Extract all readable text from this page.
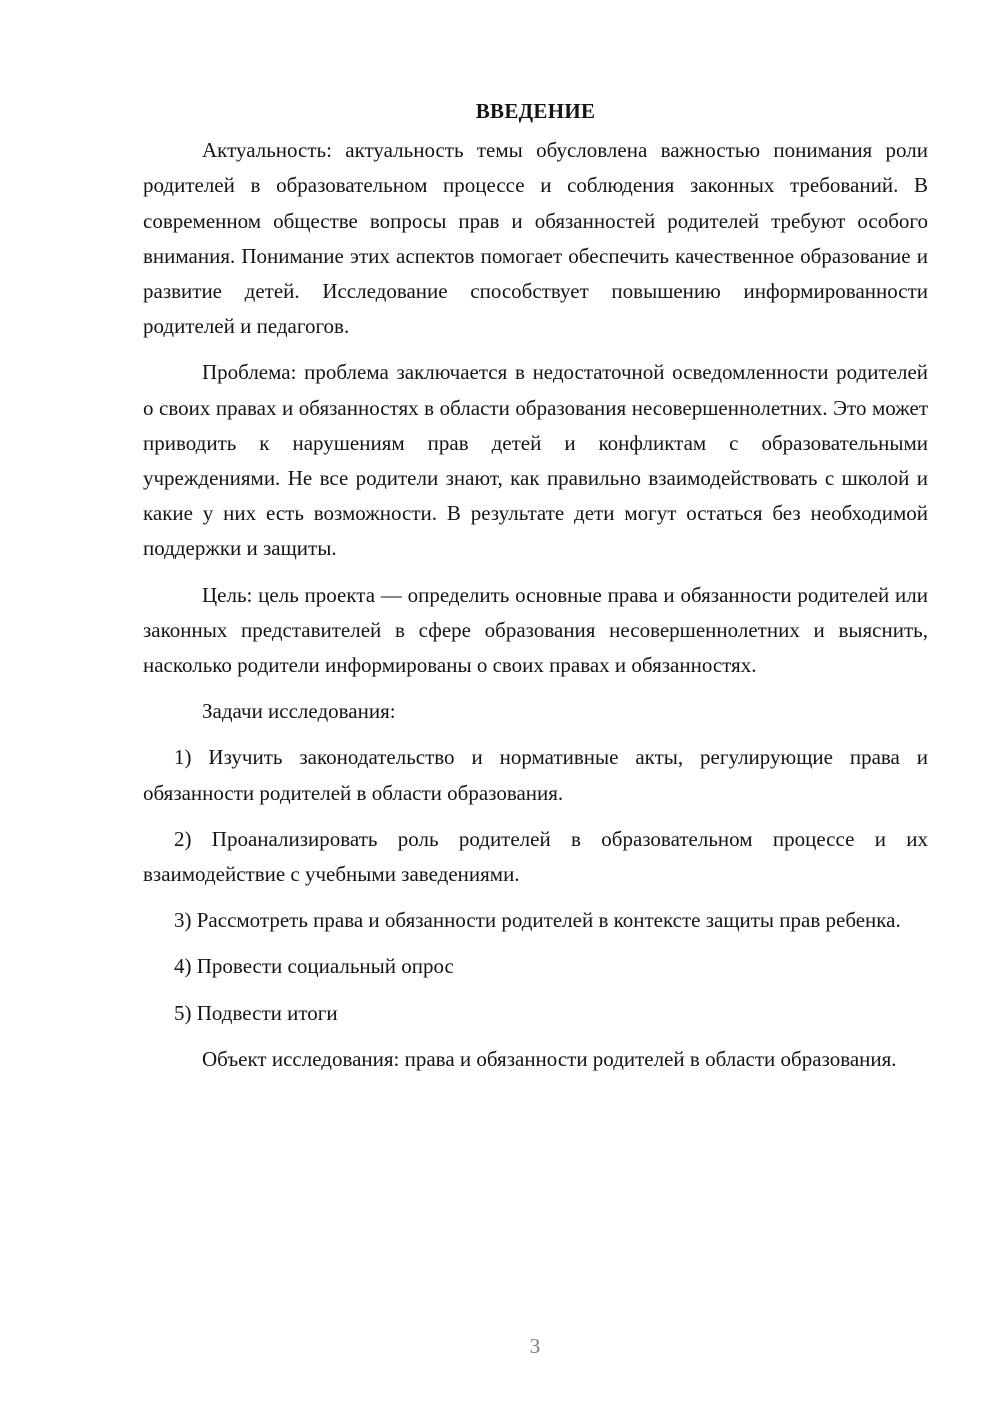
ВВЕДЕНИЕ

Актуальность: актуальность темы обусловлена важностью понимания роли родителей в образовательном процессе и соблюдения законных требований. В современном обществе вопросы прав и обязанностей родителей требуют особого внимания. Понимание этих аспектов помогает обеспечить качественное образование и развитие детей. Исследование способствует повышению информированности родителей и педагогов.

Проблема: проблема заключается в недостаточной осведомленности родителей о своих правах и обязанностях в области образования несовершеннолетних. Это может приводить к нарушениям прав детей и конфликтам с образовательными учреждениями. Не все родители знают, как правильно взаимодействовать с школой и какие у них есть возможности. В результате дети могут остаться без необходимой поддержки и защиты.

Цель: цель проекта — определить основные права и обязанности родителей или законных представителей в сфере образования несовершеннолетних и выяснить, насколько родители информированы о своих правах и обязанностях.

Задачи исследования:

1) Изучить законодательство и нормативные акты, регулирующие права и обязанности родителей в области образования.

2) Проанализировать роль родителей в образовательном процессе и их взаимодействие с учебными заведениями.

3) Рассмотреть права и обязанности родителей в контексте защиты прав ребенка.

4) Провести социальный опрос

5) Подвести итоги

Объект исследования: права и обязанности родителей в области образования.

3
